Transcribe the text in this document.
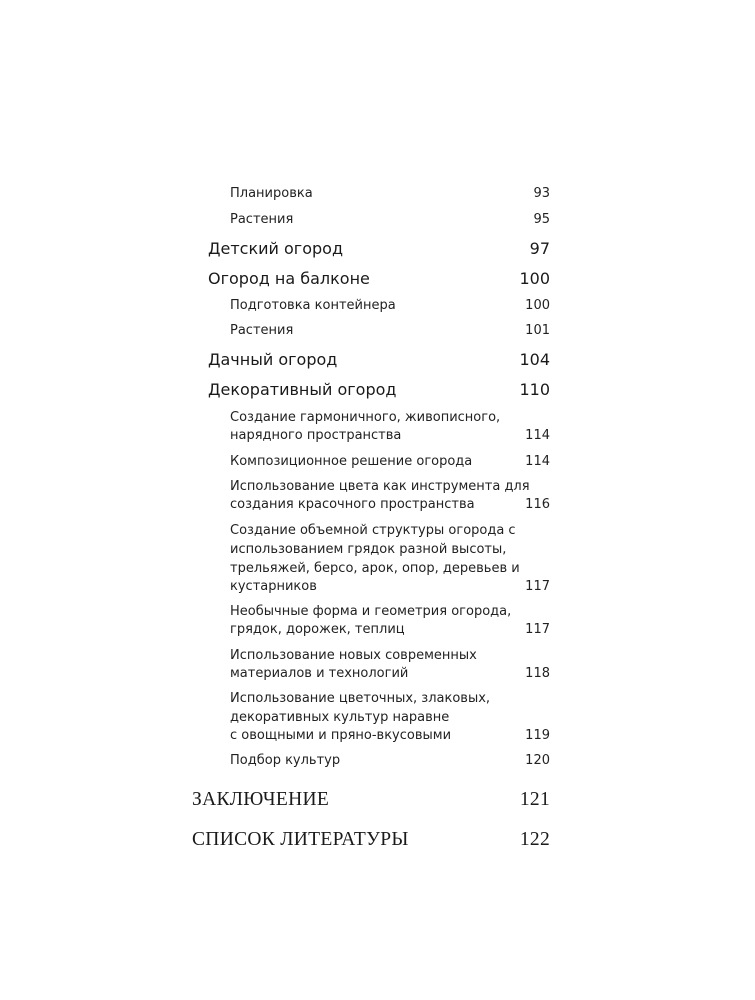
Планировка	93
Растения	95
Детский огород	97
Огород на балконе	100
Подготовка контейнера	100
Растения	101
Дачный огород	104
Декоративный огород	110
Создание гармоничного, живописного,
нарядного пространства	114
Композиционное решение огорода	114
Использование цвета как инструмента для
создания красочного пространства	116
Создание объемной структуры огорода с
использованием грядок разной высоты,
трельяжей, берсо, арок, опор, деревьев и
кустарников	117
Необычные форма и геометрия огорода,
грядок, дорожек, теплиц	117
Использование новых современных
материалов и технологий	118
Использование цветочных, злаковых,
декоративных культур наравне
с овощными и пряно-вкусовыми	119
Подбор культур	120
ЗАКЛЮЧЕНИЕ	121
СПИСОК ЛИТЕРАТУРЫ	122
